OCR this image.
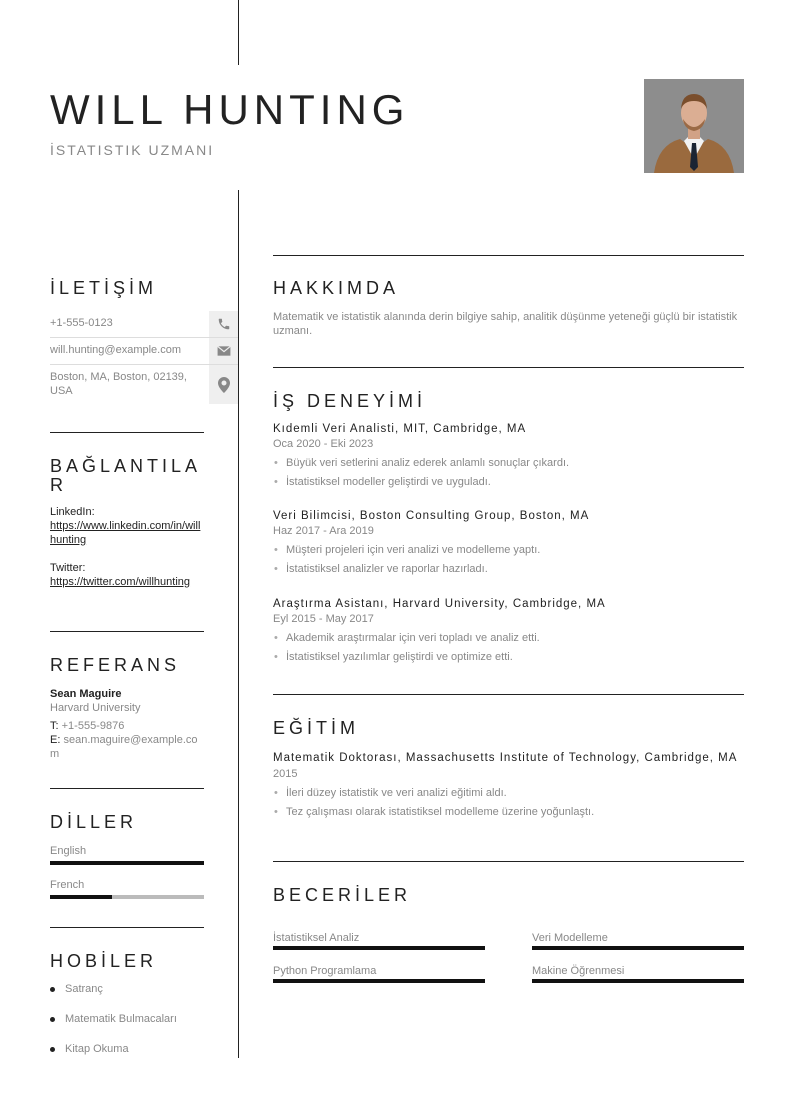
WILL HUNTING
İSTATISTIK UZMANI
İLETİŞİM
+1-555-0123
will.hunting@example.com
Boston, MA, Boston, 02139, USA
BAĞLANTILA
R
LinkedIn:
https://www.linkedin.com/in/willhunting
Twitter:
https://twitter.com/willhunting
REFERANS
Sean Maguire
Harvard University
T: +1-555-9876
E: sean.maguire@example.com
DİLLER
English
French
HOBİLER
Satranç
Matematik Bulmacaları
Kitap Okuma
HAKKIMDA
Matematik ve istatistik alanında derin bilgiye sahip, analitik düşünme yeteneği güçlü bir istatistik uzmanı.
İŞ DENEYİMİ
Kıdemli Veri Analisti, MIT, Cambridge, MA
Oca 2020 - Eki 2023
• Büyük veri setlerini analiz ederek anlamlı sonuçlar çıkardı.
• İstatistiksel modeller geliştirdi ve uyguladı.
Veri Bilimcisi, Boston Consulting Group, Boston, MA
Haz 2017 - Ara 2019
• Müşteri projeleri için veri analizi ve modelleme yaptı.
• İstatistiksel analizler ve raporlar hazırladı.
Araştırma Asistanı, Harvard University, Cambridge, MA
Eyl 2015 - May 2017
• Akademik araştırmalar için veri topladı ve analiz etti.
• İstatistiksel yazılımlar geliştirdi ve optimize etti.
EĞİTİM
Matematik Doktorası, Massachusetts Institute of Technology, Cambridge, MA
2015
• İleri düzey istatistik ve veri analizi eğitimi aldı.
• Tez çalışması olarak istatistiksel modelleme üzerine yoğunlaştı.
BECERİLER
İstatistiksel Analiz	Veri Modelleme
Python Programlama	Makine Öğrenmesi
